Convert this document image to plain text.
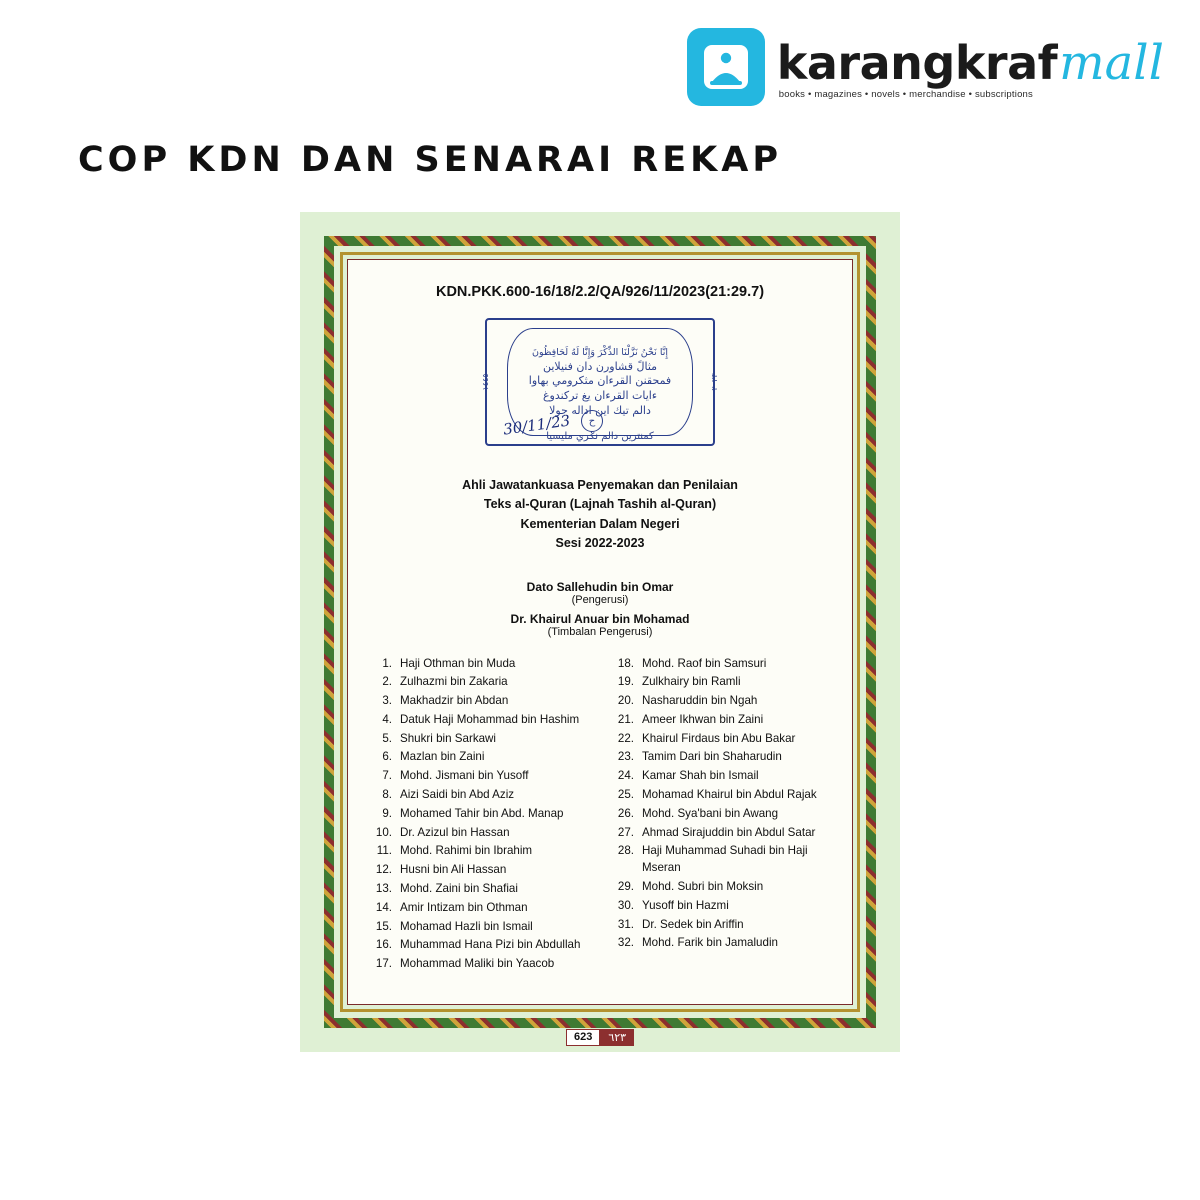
karangkraf mall
books • magazines • novels • merchandise • subscriptions
COP KDN DAN SENARAI REKAP
KDN.PKK.600-16/18/2.2/QA/926/11/2023(21:29.7)
١٤٤٥	٢٠٢٣
إِنَّا نَحْنُ نَزَّلْنَا الذِّكْرَ وَإِنَّا لَهُ لَحَافِظُونَ
مثالً قشاورن دان فنيلاين
فمحقنن القرءان مثكرومي بهاوا
ءايات القرءان يغ تركندوغ
دالم تيك اين اداله جولا
30/11/23	ح
كمنترين دالم نݢري مليسيا
Ahli Jawatankuasa Penyemakan dan Penilaian
Teks al-Quran (Lajnah Tashih al-Quran)
Kementerian Dalam Negeri
Sesi 2022-2023
Dato Sallehudin bin Omar
(Pengerusi)
Dr. Khairul Anuar bin Mohamad
(Timbalan Pengerusi)
1. Haji Othman bin Muda
2. Zulhazmi bin Zakaria
3. Makhadzir bin Abdan
4. Datuk Haji Mohammad bin Hashim
5. Shukri bin Sarkawi
6. Mazlan bin Zaini
7. Mohd. Jismani bin Yusoff
8. Aizi Saidi bin Abd Aziz
9. Mohamed Tahir bin Abd. Manap
10. Dr. Azizul bin Hassan
11. Mohd. Rahimi bin Ibrahim
12. Husni bin Ali Hassan
13. Mohd. Zaini bin Shafiai
14. Amir Intizam bin Othman
15. Mohamad Hazli bin Ismail
16. Muhammad Hana Pizi bin Abdullah
17. Mohammad Maliki bin Yaacob
18. Mohd. Raof bin Samsuri
19. Zulkhairy bin Ramli
20. Nasharuddin bin Ngah
21. Ameer Ikhwan bin Zaini
22. Khairul Firdaus bin Abu Bakar
23. Tamim Dari bin Shaharudin
24. Kamar Shah bin Ismail
25. Mohamad Khairul bin Abdul Rajak
26. Mohd. Sya'bani bin Awang
27. Ahmad Sirajuddin bin Abdul Satar
28. Haji Muhammad Suhadi bin Haji Mseran
29. Mohd. Subri bin Moksin
30. Yusoff bin Hazmi
31. Dr. Sedek bin Ariffin
32. Mohd. Farik bin Jamaludin
623	٦٢٣
